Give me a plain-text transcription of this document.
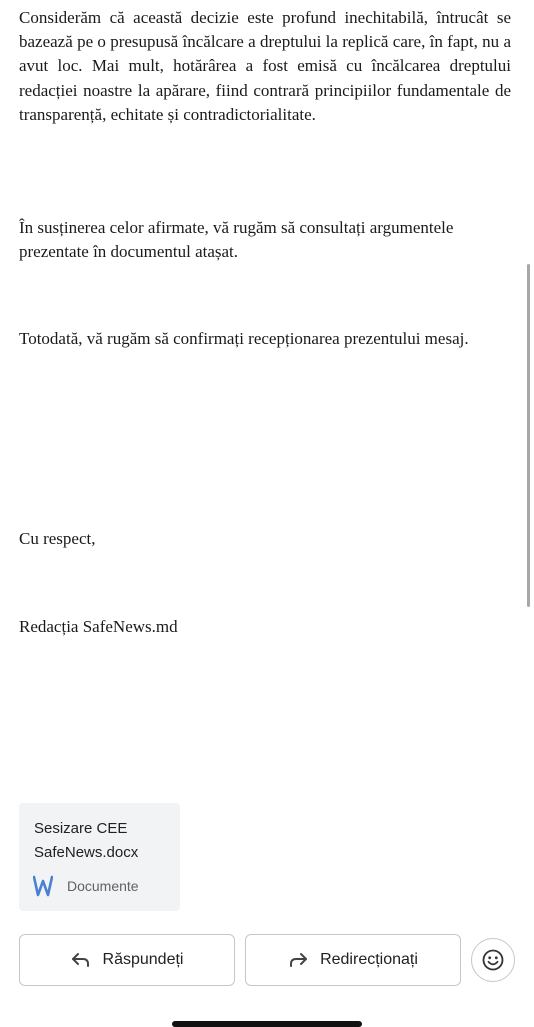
Considerăm că această decizie este profund inechitabilă, întrucât se bazează pe o presupusă încălcare a dreptului la replică care, în fapt, nu a avut loc. Mai mult, hotărârea a fost emisă cu încălcarea dreptului redacției noastre la apărare, fiind contrară principiilor fundamentale de transparență, echitate și contradictorialitate.

În susținerea celor afirmate, vă rugăm să consultați argumentele prezentate în documentul atașat.

Totodată, vă rugăm să confirmați recepționarea prezentului mesaj.

Cu respect,

Redacția SafeNews.md

Sesizare CEE SafeNews.docx
Documente
Răspundeți	Redirecționați
